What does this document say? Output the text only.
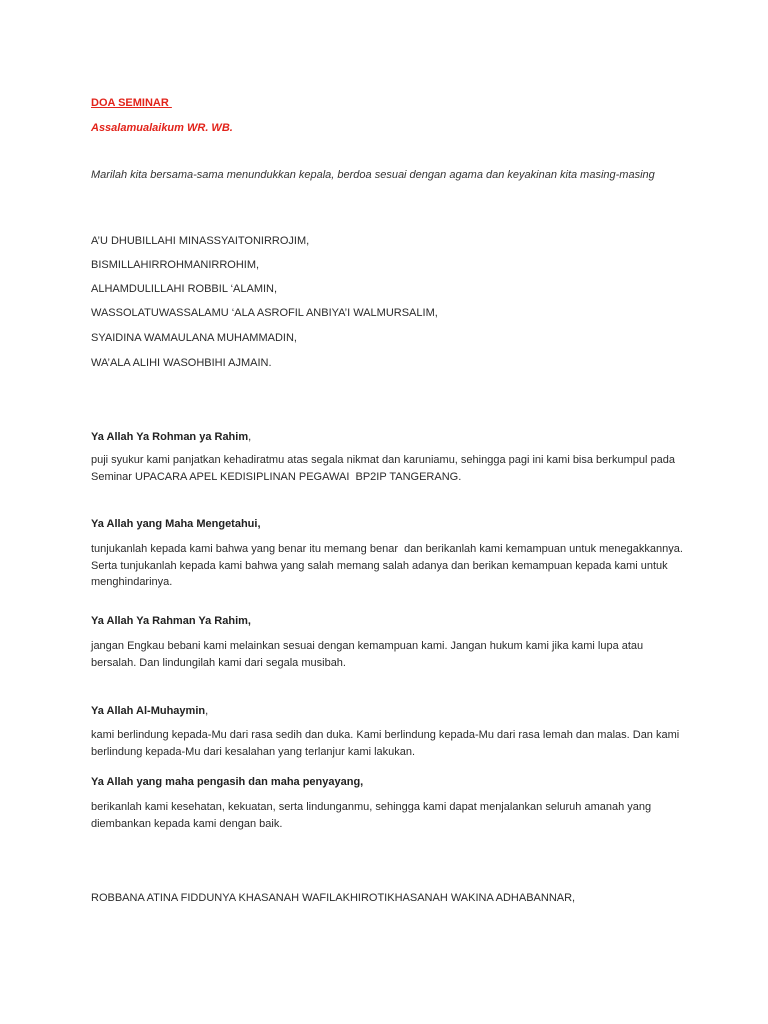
DOA SEMINAR

Assalamualaikum WR. WB.

Marilah kita bersama-sama menundukkan kepala, berdoa sesuai dengan agama dan keyakinan kita masing-masing

A’U DHUBILLAHI MINASSYAITONIRROJIM,

BISMILLAHIRROHMANIRROHIM,

ALHAMDULILLAHI ROBBIL ‘ALAMIN,

WASSOLATUWASSALAMU ‘ALA ASROFIL ANBIYA’I WALMURSALIM,

SYAIDINA WAMAULANA MUHAMMADIN,

WA’ALA ALIHI WASOHBIHI AJMAIN.

Ya Allah Ya Rohman ya Rahim,

puji syukur kami panjatkan kehadiratmu atas segala nikmat dan karuniamu, sehingga pagi ini kami bisa berkumpul pada Seminar UPACARA APEL KEDISIPLINAN PEGAWAI  BP2IP TANGERANG.

Ya Allah yang Maha Mengetahui,

tunjukanlah kepada kami bahwa yang benar itu memang benar  dan berikanlah kami kemampuan untuk menegakkannya. Serta tunjukanlah kepada kami bahwa yang salah memang salah adanya dan berikan kemampuan kepada kami untuk menghindarinya.

Ya Allah Ya Rahman Ya Rahim,

jangan Engkau bebani kami melainkan sesuai dengan kemampuan kami. Jangan hukum kami jika kami lupa atau bersalah. Dan lindungilah kami dari segala musibah.

Ya Allah Al-Muhaymin,

kami berlindung kepada-Mu dari rasa sedih dan duka. Kami berlindung kepada-Mu dari rasa lemah dan malas. Dan kami berlindung kepada-Mu dari kesalahan yang terlanjur kami lakukan.

Ya Allah yang maha pengasih dan maha penyayang,

berikanlah kami kesehatan, kekuatan, serta lindunganmu, sehingga kami dapat menjalankan seluruh amanah yang diembankan kepada kami dengan baik.

ROBBANA ATINA FIDDUNYA KHASANAH WAFILAKHIROTIKHASANAH WAKINA ADHABANNAR,
